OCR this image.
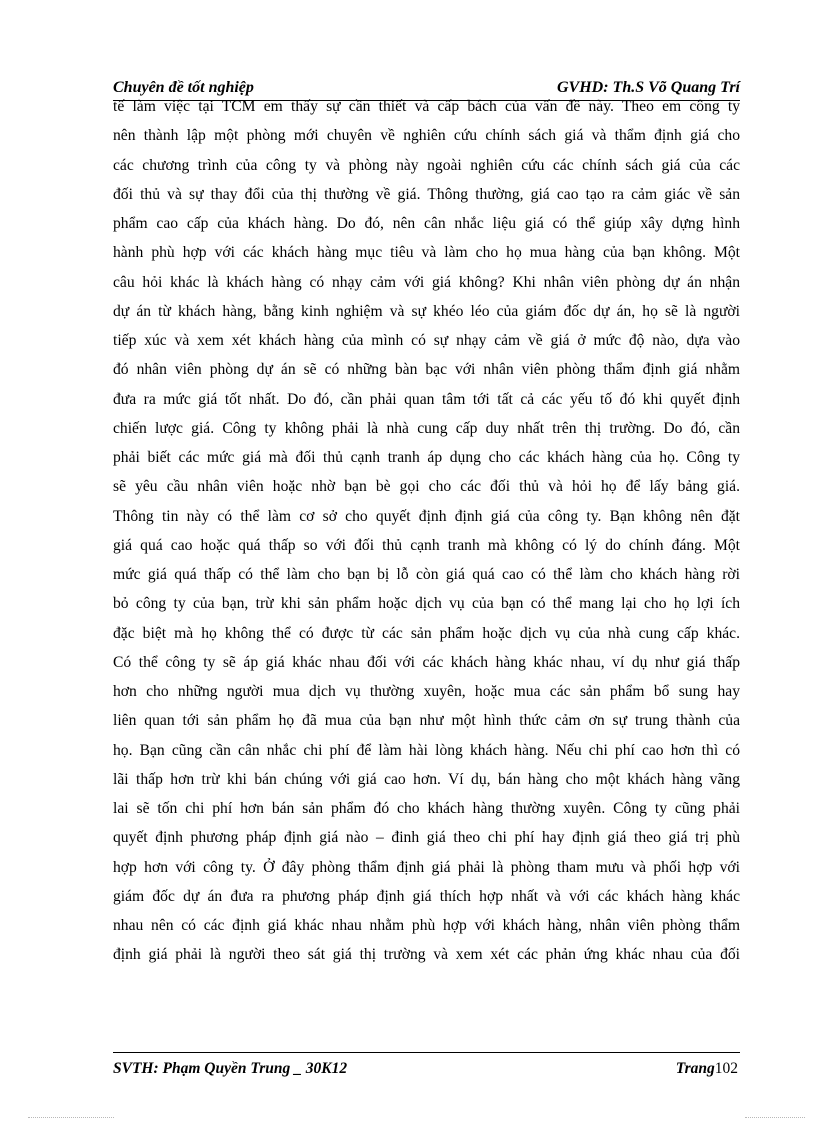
Chuyên đề tốt nghiệp	GVHD: Th.S Võ Quang Trí
tế làm việc tại TCM em thấy sự cần thiết và cấp bách của vấn đề này. Theo em công ty
nên thành lập một phòng mới chuyên về nghiên cứu chính sách giá và thẩm định giá cho
các chương trình của công ty và phòng này ngoài nghiên cứu các chính sách giá của các
đối thủ và sự thay đổi của thị thường về giá. Thông thường, giá cao tạo ra cảm giác về sản
phẩm cao cấp của khách hàng. Do đó, nên cân nhắc liệu giá có thể giúp xây dựng hình
hành phù hợp với các khách hàng mục tiêu và làm cho họ mua hàng của bạn không. Một
câu hỏi khác là khách hàng có nhạy cảm với giá không? Khi nhân viên phòng dự án nhận
dự án từ khách hàng, bằng kinh nghiệm và sự khéo léo của giám đốc dự án, họ sẽ là người
tiếp xúc và xem xét khách hàng của mình có sự nhạy cảm về giá ở mức độ nào, dựa vào
đó nhân viên phòng dự án sẽ có những bàn bạc với nhân viên phòng thẩm định giá nhằm
đưa ra mức giá tốt nhất. Do đó, cần phải quan tâm tới tất cả các yếu tố đó khi quyết định
chiến lược giá. Công ty không phải là nhà cung cấp duy nhất trên thị trường. Do đó, cần
phải biết các mức giá mà đối thủ cạnh tranh áp dụng cho các khách hàng của họ. Công ty
sẽ yêu cầu nhân viên hoặc nhờ bạn bè gọi cho các đối thủ và hỏi họ để lấy bảng giá.
Thông tin này có thể làm cơ sở cho quyết định định giá của công ty. Bạn không nên đặt
giá quá cao hoặc quá thấp so với đối thủ cạnh tranh mà không có lý do chính đáng. Một
mức giá quá thấp có thể làm cho bạn bị lỗ còn giá quá cao có thể làm cho khách hàng rời
bỏ công ty của bạn, trừ khi sản phẩm hoặc dịch vụ của bạn có thể mang lại cho họ lợi ích
đặc biệt mà họ không thể có được từ các sản phẩm hoặc dịch vụ của nhà cung cấp khác.
Có thể công ty sẽ áp giá khác nhau đối với các khách hàng khác nhau, ví dụ như giá thấp
hơn cho những người mua dịch vụ thường xuyên, hoặc mua các sản phẩm bổ sung hay
liên quan tới sản phẩm họ đã mua của bạn như một hình thức cảm ơn sự trung thành của
họ. Bạn cũng cần cân nhắc chi phí để làm hài lòng khách hàng. Nếu chi phí cao hơn thì có
lãi thấp hơn trừ khi bán chúng với giá cao hơn. Ví dụ, bán hàng cho một khách hàng vãng
lai sẽ tốn chi phí hơn bán sản phẩm đó cho khách hàng thường xuyên. Công ty cũng phải
quyết định phương pháp định giá nào – đinh giá theo chi phí hay định giá theo giá trị phù
hợp hơn với công ty. Ở đây phòng thẩm định giá phải là phòng tham mưu và phối hợp với
giám đốc dự án đưa ra phương pháp định giá thích hợp nhất và với các khách hàng khác
nhau nên có các định giá khác nhau nhằm phù hợp với khách hàng, nhân viên phòng thẩm
định giá phải là người theo sát giá thị trường và xem xét các phản ứng khác nhau của đối
SVTH: Phạm Quyền Trung _ 30K12	Trang102
